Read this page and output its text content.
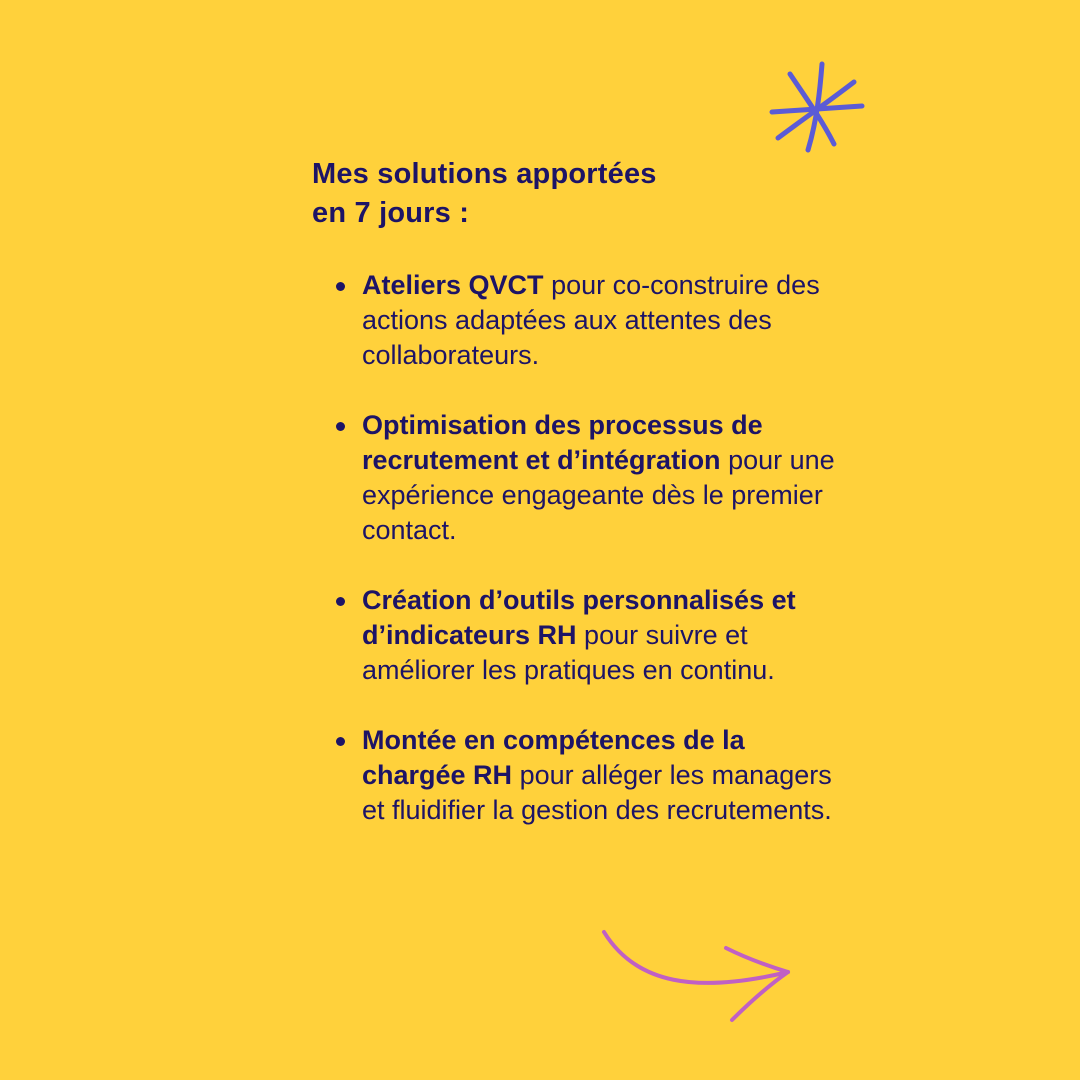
Mes solutions apportées
en 7 jours :
Ateliers QVCT pour co-construire des actions adaptées aux attentes des collaborateurs.
Optimisation des processus de recrutement et d’intégration pour une expérience engageante dès le premier contact.
Création d’outils personnalisés et d’indicateurs RH pour suivre et améliorer les pratiques en continu.
Montée en compétences de la chargée RH pour alléger les managers et fluidifier la gestion des recrutements.
